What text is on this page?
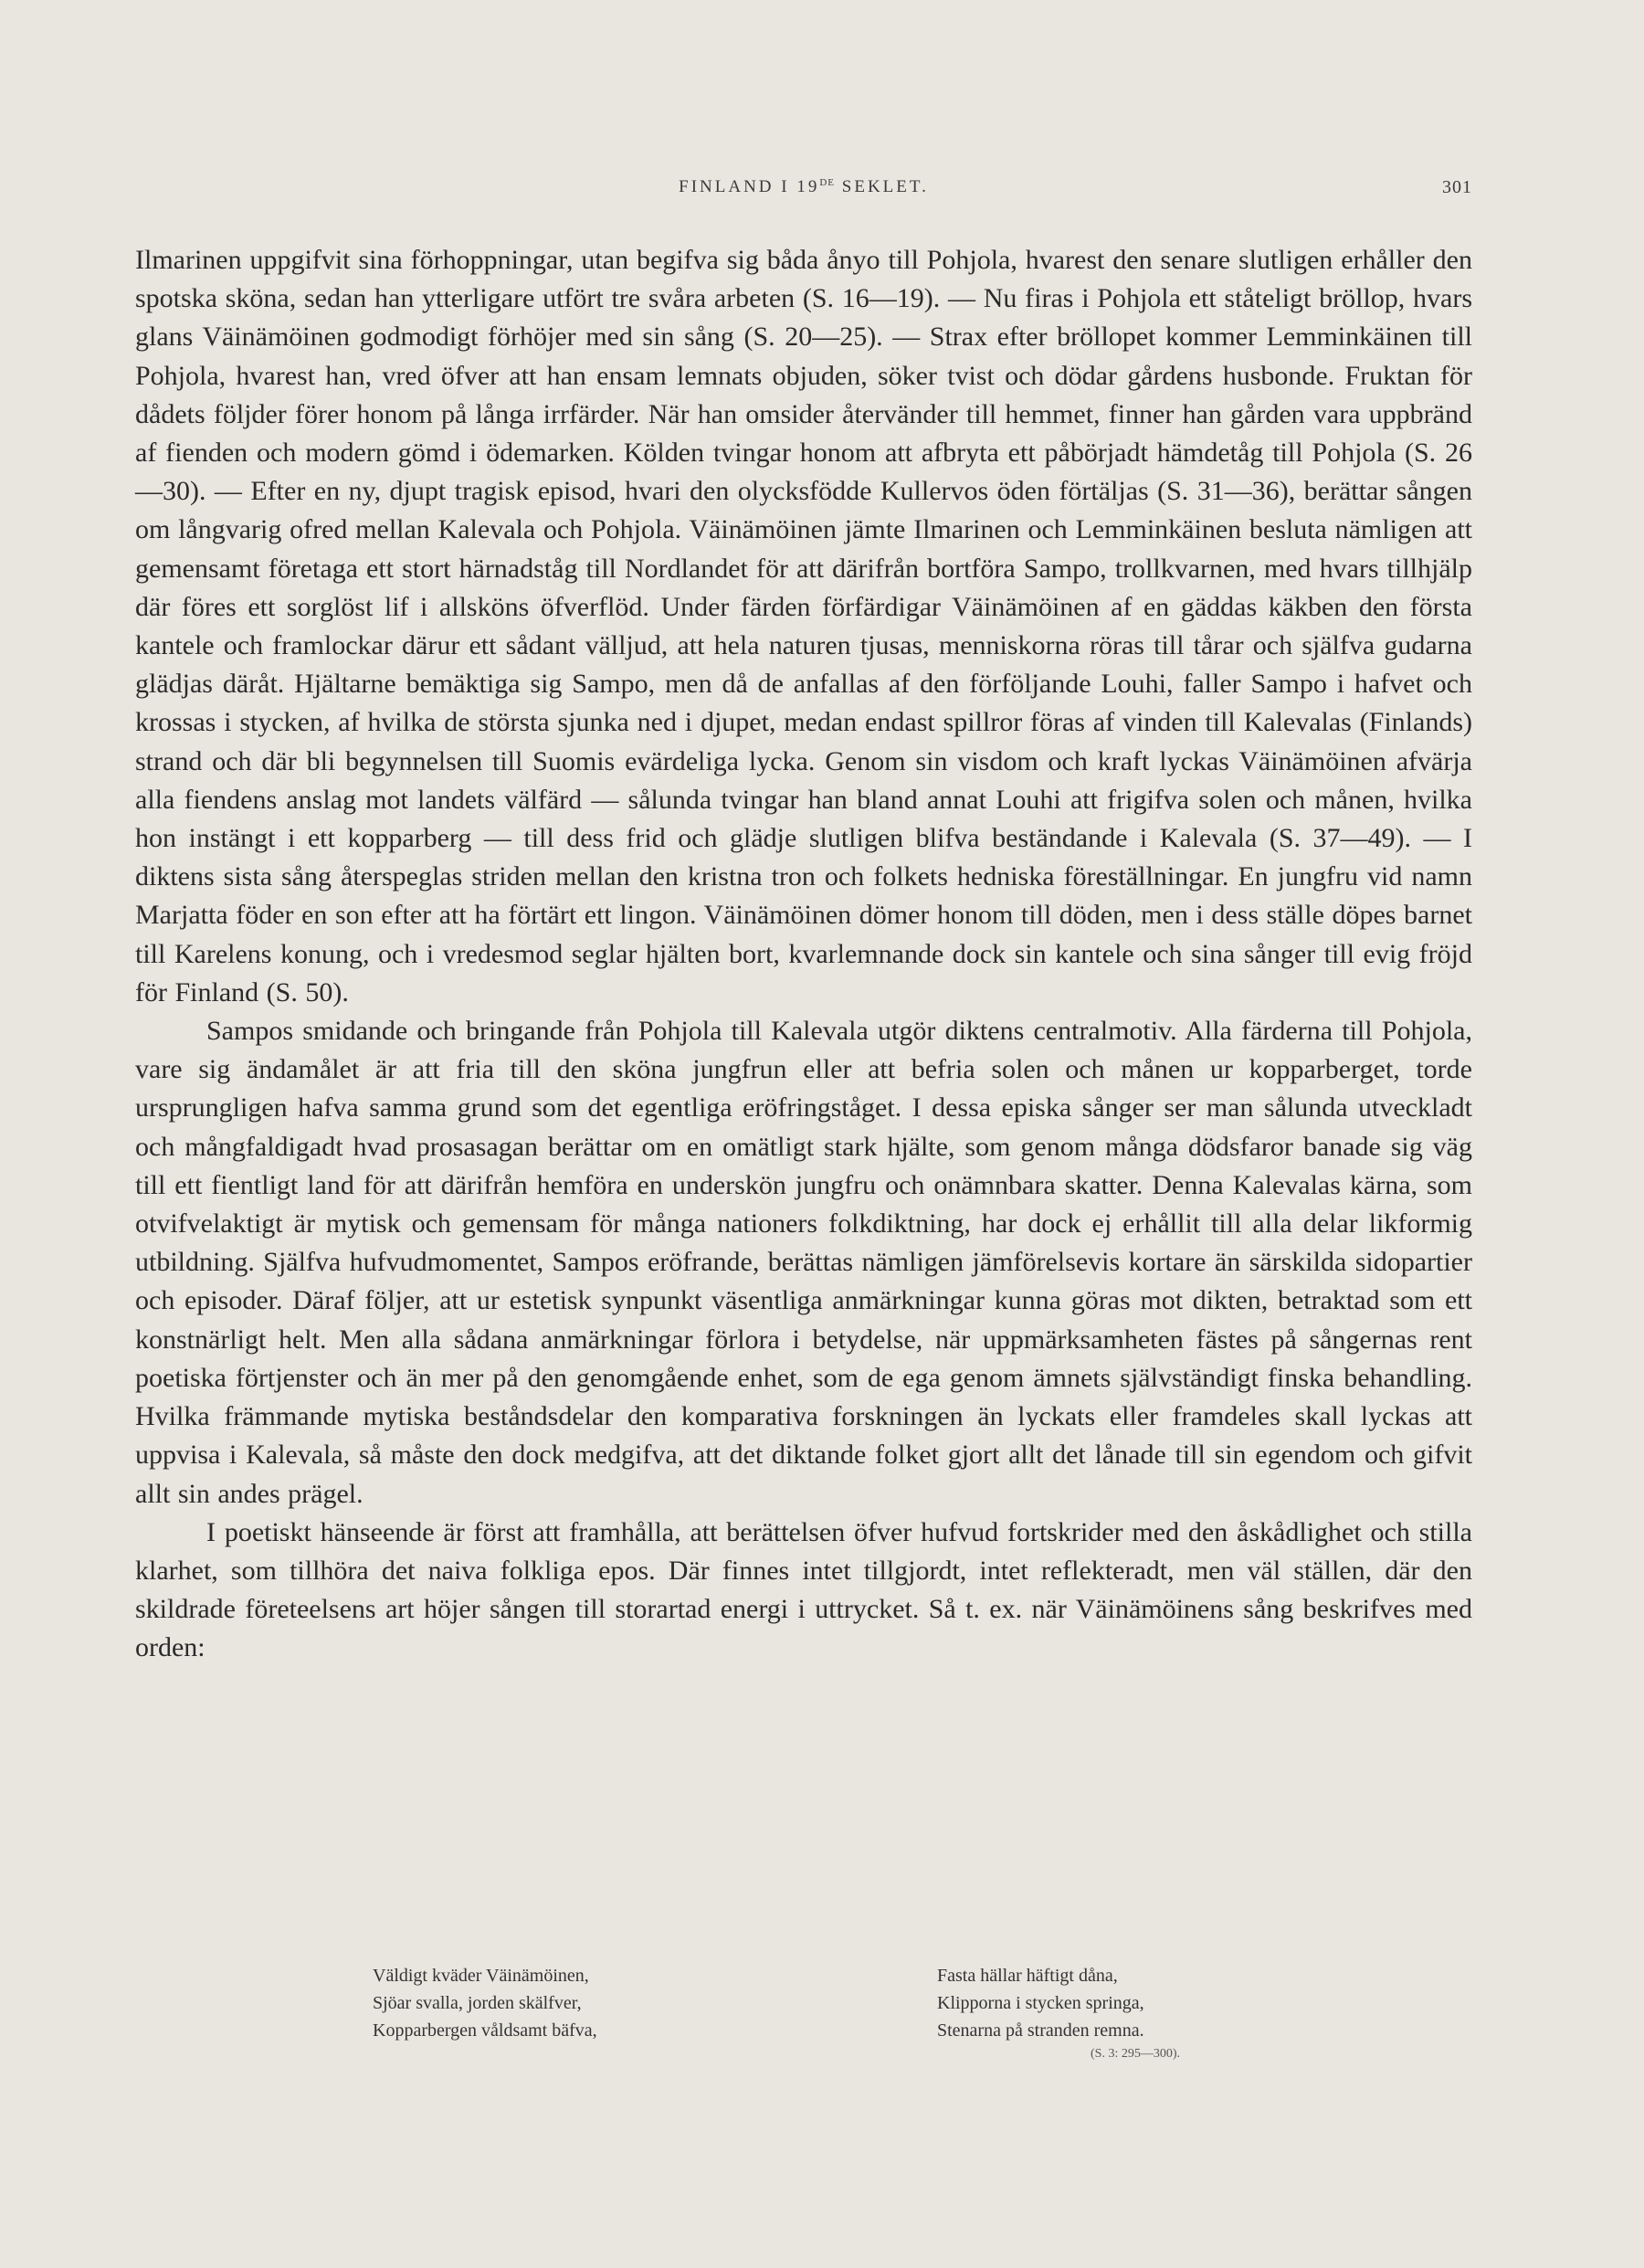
FINLAND I 19DE SEKLET.	301

Ilmarinen uppgifvit sina förhoppningar, utan begifva sig båda ånyo till Pohjola, hvarest den senare slutligen erhåller den spotska sköna, sedan han ytterligare utfört tre svåra arbeten (S. 16—19). — Nu firas i Pohjola ett ståteligt bröllop, hvars glans Väinämöinen godmodigt förhöjer med sin sång (S. 20—25). — Strax efter bröllopet kommer Lemminkäinen till Pohjola, hvarest han, vred öfver att han ensam lemnats objuden, söker tvist och dödar gårdens husbonde. Fruktan för dådets följder förer honom på långa irrfärder. När han omsider återvänder till hemmet, finner han gården vara uppbränd af fienden och modern gömd i ödemarken. Kölden tvingar honom att afbryta ett påbörjadt hämdetåg till Pohjola (S. 26—30). — Efter en ny, djupt tragisk episod, hvari den olycksfödde Kullervos öden förtäljas (S. 31—36), berättar sången om långvarig ofred mellan Kalevala och Pohjola. Väinämöinen jämte Ilmarinen och Lemminkäinen besluta nämligen att gemensamt företaga ett stort härnadståg till Nordlandet för att därifrån bortföra Sampo, trollkvarnen, med hvars tillhjälp där föres ett sorglöst lif i allsköns öfverflöd. Under färden förfärdigar Väinämöinen af en gäddas käkben den första kantele och framlockar därur ett sådant välljud, att hela naturen tjusas, menniskorna röras till tårar och själfva gudarna glädjas däråt. Hjältarne bemäktiga sig Sampo, men då de anfallas af den förföljande Louhi, faller Sampo i hafvet och krossas i stycken, af hvilka de största sjunka ned i djupet, medan endast spillror föras af vinden till Kalevalas (Finlands) strand och där bli begynnelsen till Suomis evärdeliga lycka. Genom sin visdom och kraft lyckas Väinämöinen afvärja alla fiendens anslag mot landets välfärd — sålunda tvingar han bland annat Louhi att frigifva solen och månen, hvilka hon instängt i ett kopparberg — till dess frid och glädje slutligen blifva beständande i Kalevala (S. 37—49). — I diktens sista sång återspeglas striden mellan den kristna tron och folkets hedniska föreställningar. En jungfru vid namn Marjatta föder en son efter att ha förtärt ett lingon. Väinämöinen dömer honom till döden, men i dess ställe döpes barnet till Karelens konung, och i vredesmod seglar hjälten bort, kvarlemnande dock sin kantele och sina sånger till evig fröjd för Finland (S. 50).

Sampos smidande och bringande från Pohjola till Kalevala utgör diktens centralmotiv. Alla färderna till Pohjola, vare sig ändamålet är att fria till den sköna jungfrun eller att befria solen och månen ur kopparberget, torde ursprungligen hafva samma grund som det egentliga eröfringståget. I dessa episka sånger ser man sålunda utveckladt och mångfaldigadt hvad prosasagan berättar om en omätligt stark hjälte, som genom många dödsfaror banade sig väg till ett fientligt land för att därifrån hemföra en underskön jungfru och onämnbara skatter. Denna Kalevalas kärna, som otvifvelaktigt är mytisk och gemensam för många nationers folkdiktning, har dock ej erhållit till alla delar likformig utbildning. Själfva hufvudmomentet, Sampos eröfrande, berättas nämligen jämförelsevis kortare än särskilda sidopartier och episoder. Däraf följer, att ur estetisk synpunkt väsentliga anmärkningar kunna göras mot dikten, betraktad som ett konstnärligt helt. Men alla sådana anmärkningar förlora i betydelse, när uppmärksamheten fästes på sångernas rent poetiska förtjenster och än mer på den genomgående enhet, som de ega genom ämnets självständigt finska behandling. Hvilka främmande mytiska beståndsdelar den komparativa forskningen än lyckats eller framdeles skall lyckas att uppvisa i Kalevala, så måste den dock medgifva, att det diktande folket gjort allt det lånade till sin egendom och gifvit allt sin andes prägel.

I poetiskt hänseende är först att framhålla, att berättelsen öfver hufvud fortskrider med den åskådlighet och stilla klarhet, som tillhöra det naiva folkliga epos. Där finnes intet tillgjordt, intet reflekteradt, men väl ställen, där den skildrade företeelsens art höjer sången till storartad energi i uttrycket. Så t. ex. när Väinämöinens sång beskrifves med orden:

Väldigt kväder Väinämöinen,
Sjöar svalla, jorden skälfver,
Kopparbergen våldsamt bäfva,
Fasta hällar häftigt dåna,
Klipporna i stycken springa,
Stenarna på stranden remna.
(S. 3: 295—300).
